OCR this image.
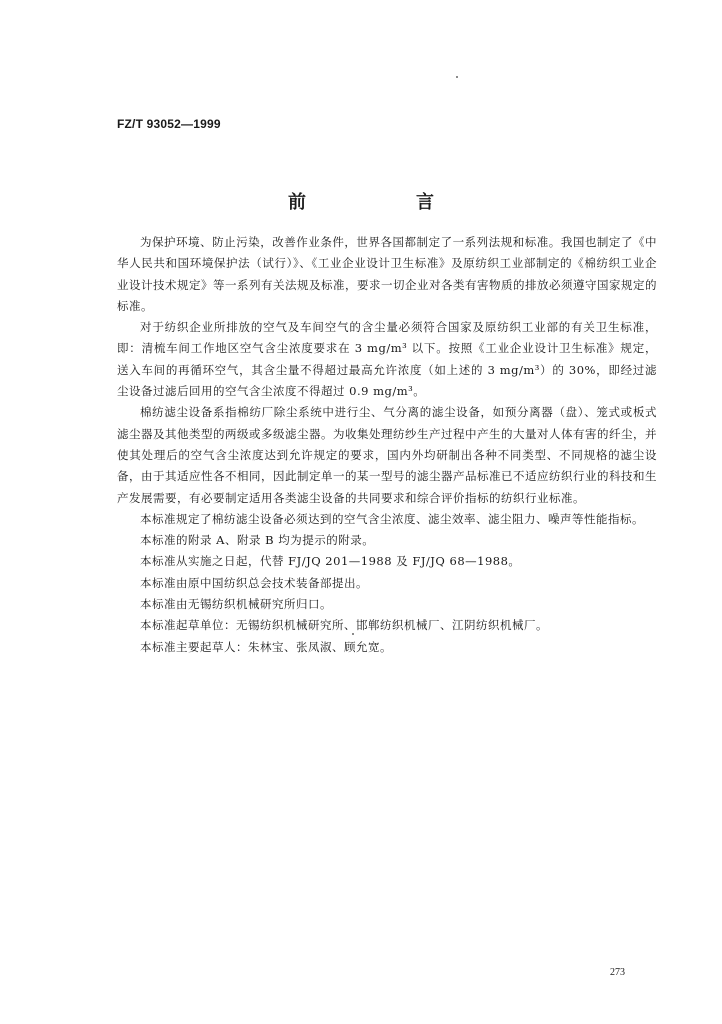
FZ/T 93052—1999
前　言

为保护环境、防止污染，改善作业条件，世界各国都制定了一系列法规和标准。我国也制定了《中华人民共和国环境保护法（试行）》、《工业企业设计卫生标准》及原纺织工业部制定的《棉纺织工业企业设计技术规定》等一系列有关法规及标准，要求一切企业对各类有害物质的排放必须遵守国家规定的标准。

对于纺织企业所排放的空气及车间空气的含尘量必须符合国家及原纺织工业部的有关卫生标准，即：清梳车间工作地区空气含尘浓度要求在 3 mg/m³ 以下。按照《工业企业设计卫生标准》规定，送入车间的再循环空气，其含尘量不得超过最高允许浓度（如上述的 3 mg/m³）的 30%，即经过滤尘设备过滤后回用的空气含尘浓度不得超过 0.9 mg/m³。

棉纺滤尘设备系指棉纺厂除尘系统中进行尘、气分离的滤尘设备，如预分离器（盘）、笼式或板式滤尘器及其他类型的两级或多级滤尘器。为收集处理纺纱生产过程中产生的大量对人体有害的纤尘，并使其处理后的空气含尘浓度达到允许规定的要求，国内外均研制出各种不同类型、不同规格的滤尘设备，由于其适应性各不相同，因此制定单一的某一型号的滤尘器产品标准已不适应纺织行业的科技和生产发展需要，有必要制定适用各类滤尘设备的共同要求和综合评价指标的纺织行业标准。

本标准规定了棉纺滤尘设备必须达到的空气含尘浓度、滤尘效率、滤尘阻力、噪声等性能指标。

本标准的附录 A、附录 B 均为提示的附录。

本标准从实施之日起，代替 FJ/JQ 201—1988 及 FJ/JQ 68—1988。

本标准由原中国纺织总会技术装备部提出。

本标准由无锡纺织机械研究所归口。

本标准起草单位：无锡纺织机械研究所、邯郸纺织机械厂、江阴纺织机械厂。

本标准主要起草人：朱林宝、张凤淑、顾允宽。

273
